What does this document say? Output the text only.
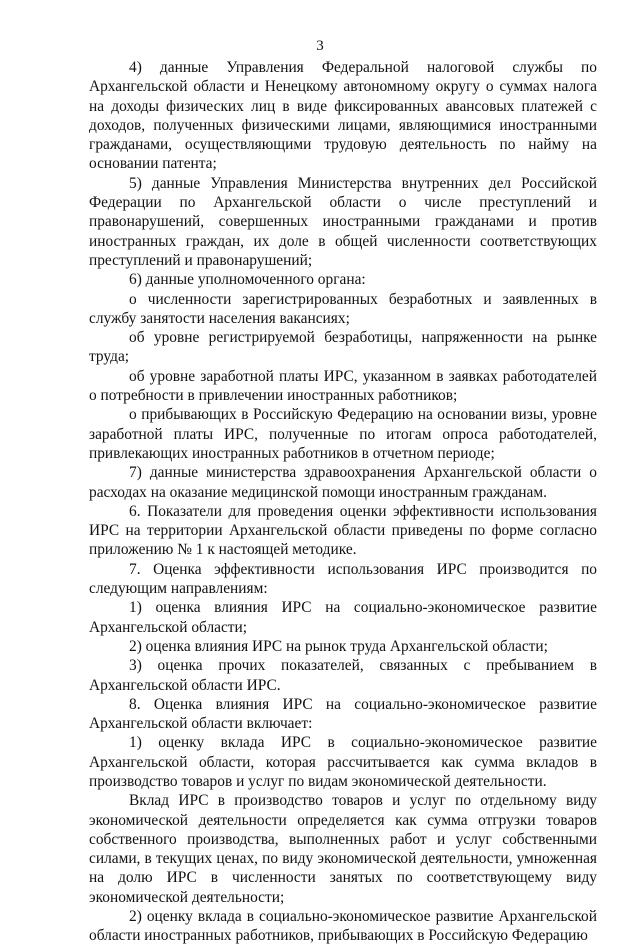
3

4) данные Управления Федеральной налоговой службы по Архангельской области и Ненецкому автономному округу о суммах налога на доходы физических лиц в виде фиксированных авансовых платежей с доходов, полученных физическими лицами, являющимися иностранными гражданами, осуществляющими трудовую деятельность по найму на основании патента;

5) данные Управления Министерства внутренних дел Российской Федерации по Архангельской области о числе преступлений и правонарушений, совершенных иностранными гражданами и против иностранных граждан, их доле в общей численности соответствующих преступлений и правонарушений;

6) данные уполномоченного органа:

о численности зарегистрированных безработных и заявленных в службу занятости населения вакансиях;

об уровне регистрируемой безработицы, напряженности на рынке труда;

об уровне заработной платы ИРС, указанном в заявках работодателей о потребности в привлечении иностранных работников;

о прибывающих в Российскую Федерацию на основании визы, уровне заработной платы ИРС, полученные по итогам опроса работодателей, привлекающих иностранных работников в отчетном периоде;

7) данные министерства здравоохранения Архангельской области о расходах на оказание медицинской помощи иностранным гражданам.

6. Показатели для проведения оценки эффективности использования ИРС на территории Архангельской области приведены по форме согласно приложению № 1 к настоящей методике.

7. Оценка эффективности использования ИРС производится по следующим направлениям:

1) оценка влияния ИРС на социально-экономическое развитие Архангельской области;

2) оценка влияния ИРС на рынок труда Архангельской области;

3) оценка прочих показателей, связанных с пребыванием в Архангельской области ИРС.

8. Оценка влияния ИРС на социально-экономическое развитие Архангельской области включает:

1) оценку вклада ИРС в социально-экономическое развитие Архангельской области, которая рассчитывается как сумма вкладов в производство товаров и услуг по видам экономической деятельности.

Вклад ИРС в производство товаров и услуг по отдельному виду экономической деятельности определяется как сумма отгрузки товаров собственного производства, выполненных работ и услуг собственными силами, в текущих ценах, по виду экономической деятельности, умноженная на долю ИРС в численности занятых по соответствующему виду экономической деятельности;

2) оценку вклада в социально-экономическое развитие Архангельской области иностранных работников, прибывающих в Российскую Федерацию
